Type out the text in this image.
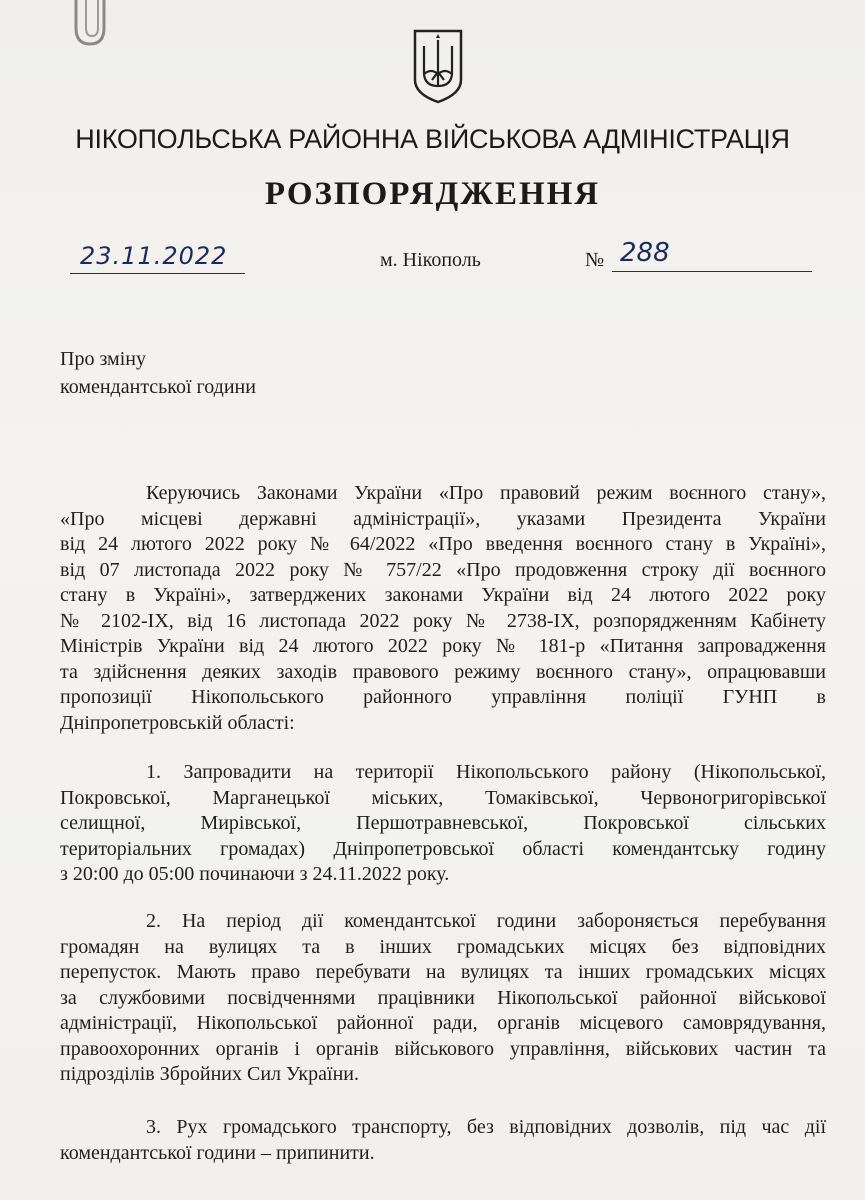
НІКОПОЛЬСЬКА РАЙОННА ВІЙСЬКОВА АДМІНІСТРАЦІЯ
РОЗПОРЯДЖЕННЯ
23.11.2022	м. Нікополь	№ 288
Про зміну
комендантської години
Керуючись Законами України «Про правовий режим воєнного стану»,
«Про місцеві державні адміністрації», указами Президента України
від 24 лютого 2022 року № 64/2022 «Про введення воєнного стану в Україні»,
від 07 листопада 2022 року № 757/22 «Про продовження строку дії воєнного
стану в Україні», затверджених законами України від 24 лютого 2022 року
№ 2102-IX, від 16 листопада 2022 року № 2738-IX, розпорядженням Кабінету
Міністрів України від 24 лютого 2022 року № 181-р «Питання запровадження
та здійснення деяких заходів правового режиму воєнного стану», опрацювавши
пропозиції Нікопольського районного управління поліції ГУНП в
Дніпропетровській області:
1. Запровадити на території Нікопольського району (Нікопольської,
Покровської, Марганецької міських, Томаківської, Червоногригорівської
селищної, Мирівської, Першотравневської, Покровської сільських
територіальних громадах) Дніпропетровської області комендантську годину
з 20:00 до 05:00 починаючи з 24.11.2022 року.
2. На період дії комендантської години забороняється перебування
громадян на вулицях та в інших громадських місцях без відповідних
перепусток. Мають право перебувати на вулицях та інших громадських місцях
за службовими посвідченнями працівники Нікопольської районної військової
адміністрації, Нікопольської районної ради, органів місцевого самоврядування,
правоохоронних органів і органів військового управління, військових частин та
підрозділів Збройних Сил України.
3. Рух громадського транспорту, без відповідних дозволів, під час дії
комендантської години – припинити.
